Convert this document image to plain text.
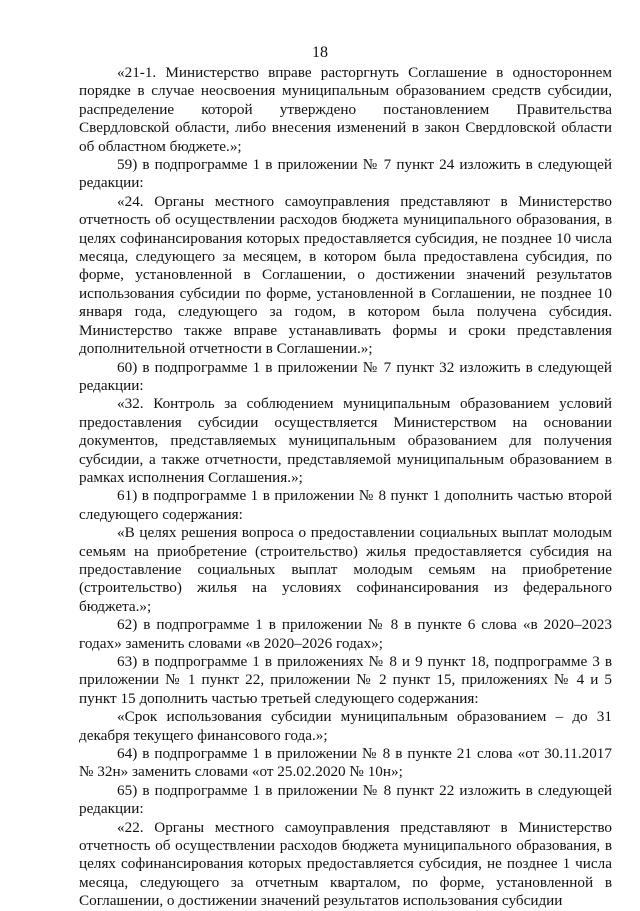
18

«21-1. Министерство вправе расторгнуть Соглашение в одностороннем порядке в случае неосвоения муниципальным образованием средств субсидии, распределение которой утверждено постановлением Правительства Свердловской области, либо внесения изменений в закон Свердловской области об областном бюджете.»;

59) в подпрограмме 1 в приложении № 7 пункт 24 изложить в следующей редакции:

«24. Органы местного самоуправления представляют в Министерство отчетность об осуществлении расходов бюджета муниципального образования, в целях софинансирования которых предоставляется субсидия, не позднее 10 числа месяца, следующего за месяцем, в котором была предоставлена субсидия, по форме, установленной в Соглашении, о достижении значений результатов использования субсидии по форме, установленной в Соглашении, не позднее 10 января года, следующего за годом, в котором была получена субсидия. Министерство также вправе устанавливать формы и сроки представления дополнительной отчетности в Соглашении.»;

60) в подпрограмме 1 в приложении № 7 пункт 32 изложить в следующей редакции:

«32. Контроль за соблюдением муниципальным образованием условий предоставления субсидии осуществляется Министерством на основании документов, представляемых муниципальным образованием для получения субсидии, а также отчетности, представляемой муниципальным образованием в рамках исполнения Соглашения.»;

61) в подпрограмме 1 в приложении № 8 пункт 1 дополнить частью второй следующего содержания:

«В целях решения вопроса о предоставлении социальных выплат молодым семьям на приобретение (строительство) жилья предоставляется субсидия на предоставление социальных выплат молодым семьям на приобретение (строительство) жилья на условиях софинансирования из федерального бюджета.»;

62) в подпрограмме 1 в приложении № 8 в пункте 6 слова «в 2020–2023 годах» заменить словами «в 2020–2026 годах»;

63) в подпрограмме 1 в приложениях № 8 и 9 пункт 18, подпрограмме 3 в приложении № 1 пункт 22, приложении № 2 пункт 15, приложениях № 4 и 5 пункт 15 дополнить частью третьей следующего содержания:

«Срок использования субсидии муниципальным образованием – до 31 декабря текущего финансового года.»;

64) в подпрограмме 1 в приложении № 8 в пункте 21 слова «от 30.11.2017 № 32н» заменить словами «от 25.02.2020 № 10н»;

65) в подпрограмме 1 в приложении № 8 пункт 22 изложить в следующей редакции:

«22. Органы местного самоуправления представляют в Министерство отчетность об осуществлении расходов бюджета муниципального образования, в целях софинансирования которых предоставляется субсидия, не позднее 1 числа месяца, следующего за отчетным кварталом, по форме, установленной в Соглашении, о достижении значений результатов использования субсидии
